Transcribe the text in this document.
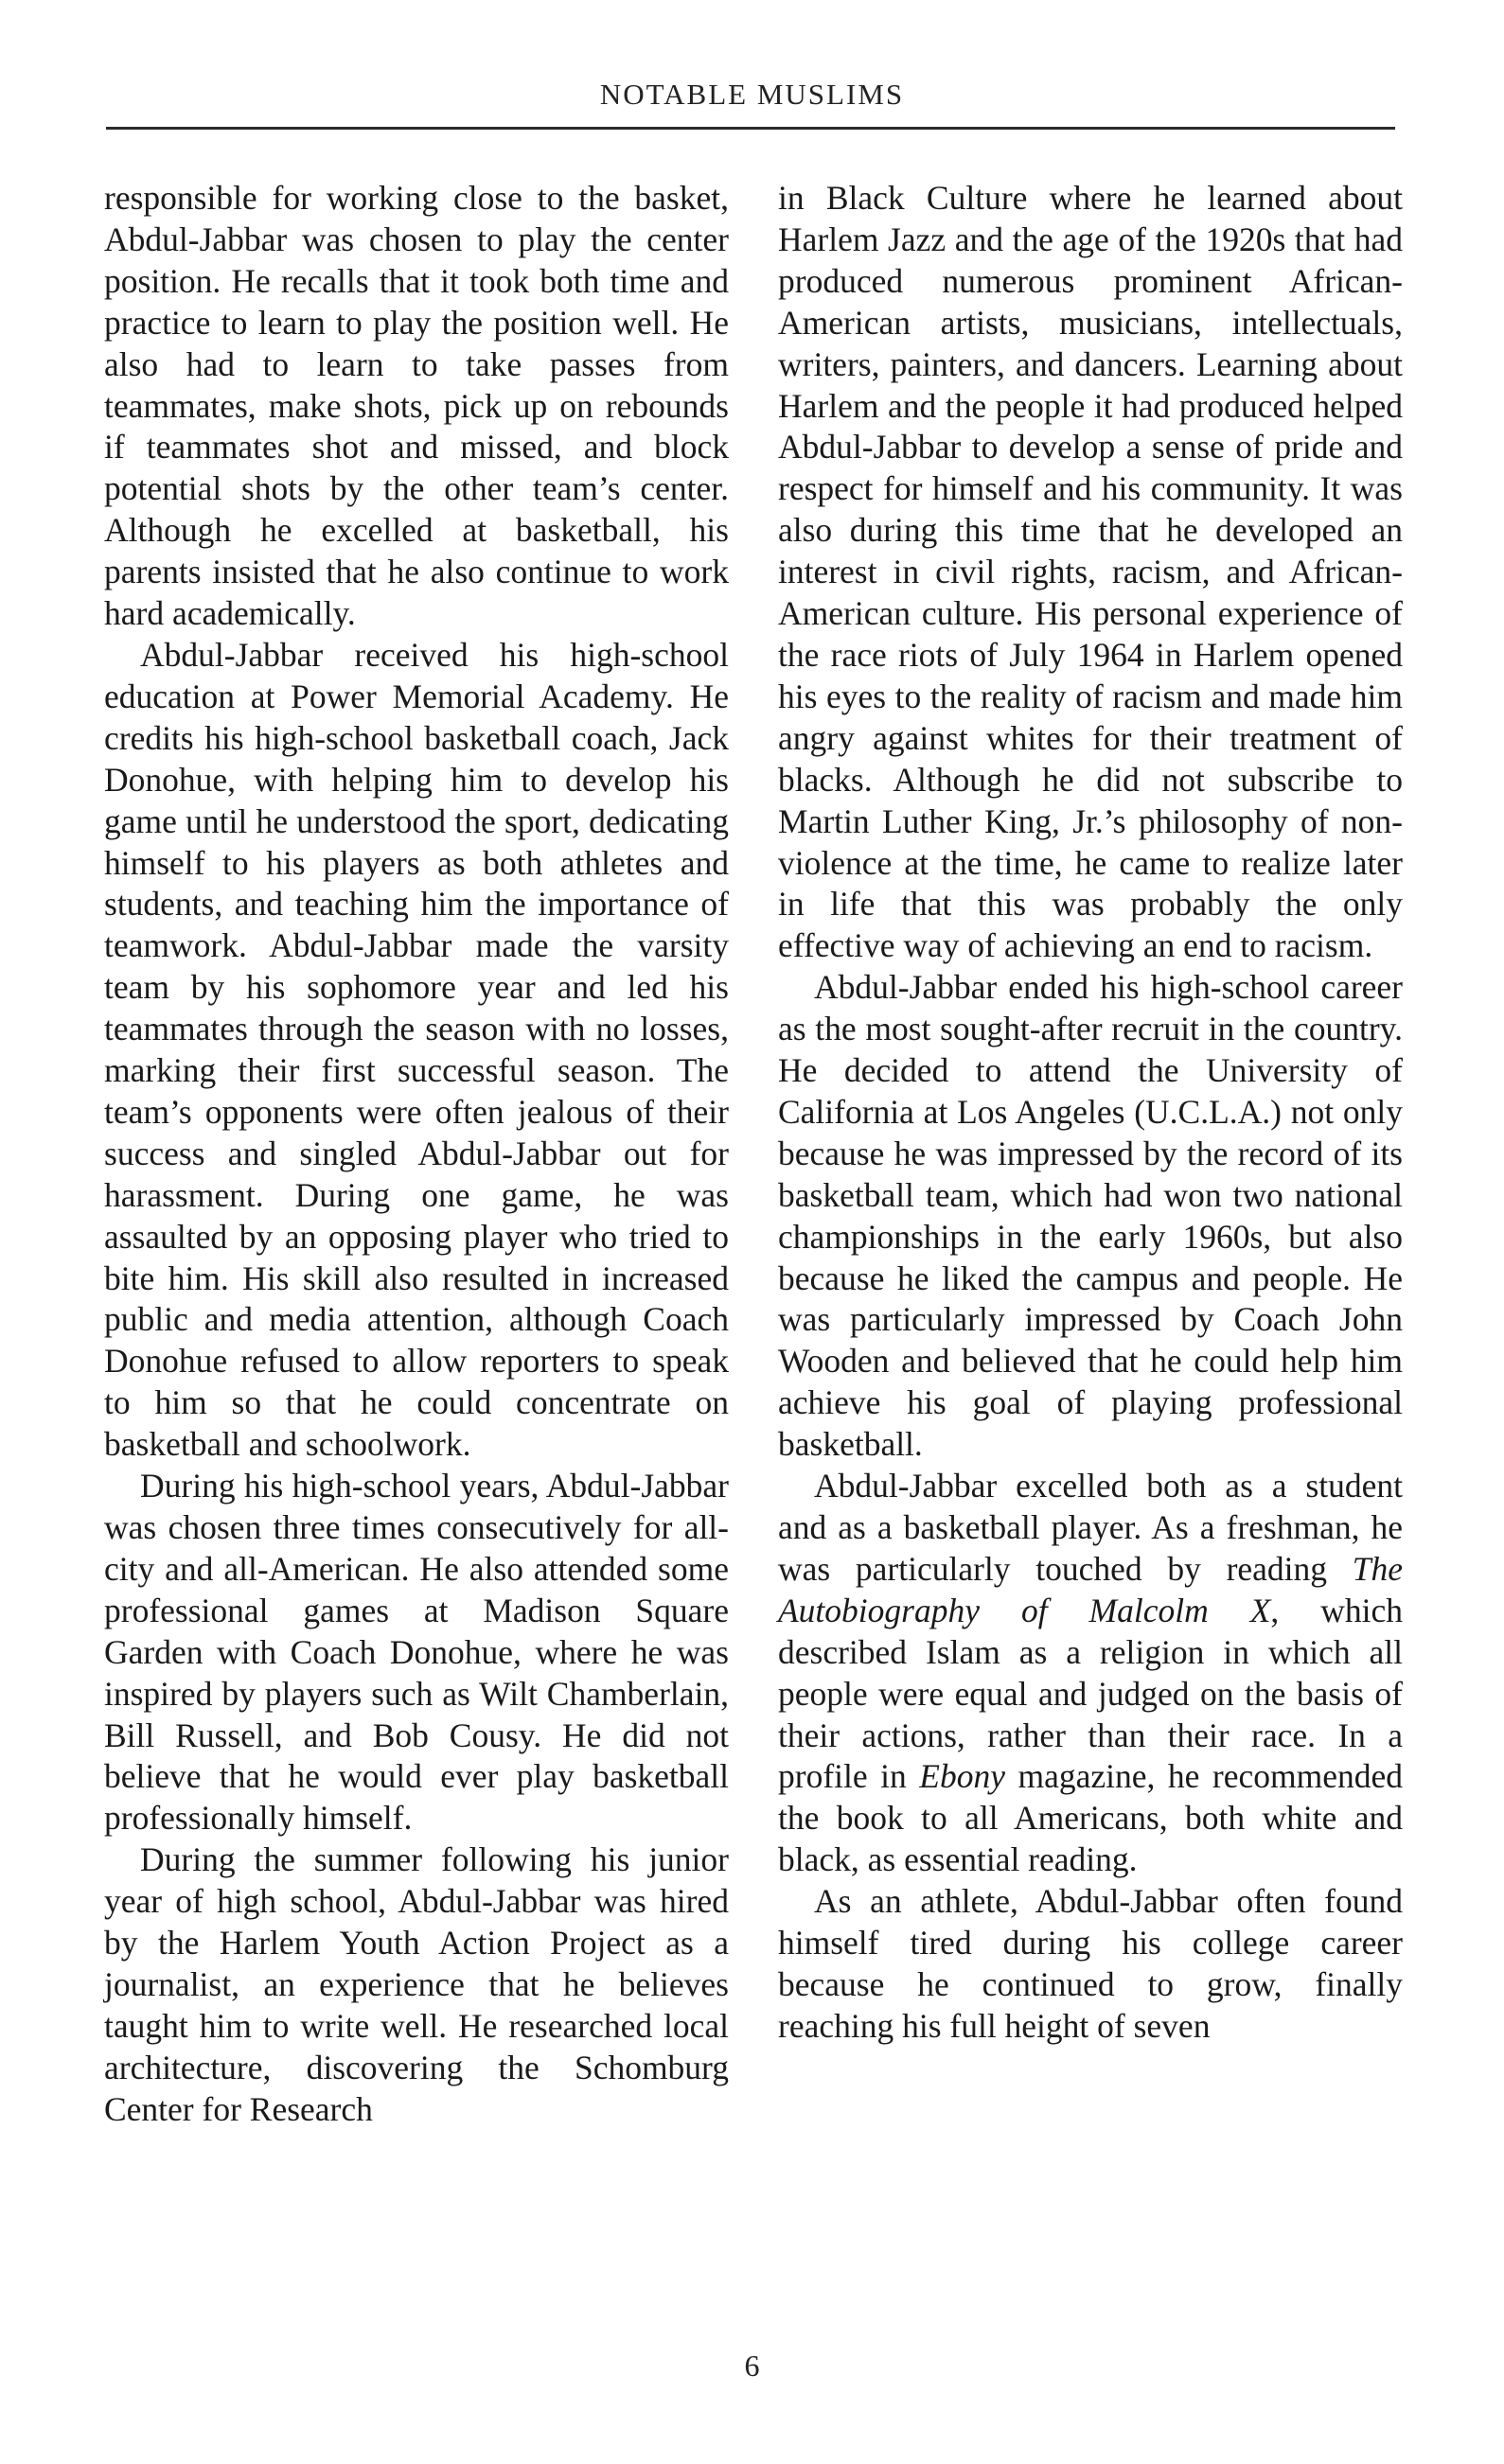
NOTABLE MUSLIMS

responsible for working close to the basket, Abdul-Jabbar was chosen to play the center position. He recalls that it took both time and practice to learn to play the position well. He also had to learn to take passes from teammates, make shots, pick up on rebounds if teammates shot and missed, and block potential shots by the other team’s center. Although he excelled at basketball, his parents insisted that he also continue to work hard academically.

Abdul-Jabbar received his high-school education at Power Memorial Academy. He credits his high-school basketball coach, Jack Donohue, with helping him to develop his game until he understood the sport, dedicating himself to his players as both athletes and students, and teaching him the importance of teamwork. Abdul-Jabbar made the varsity team by his sophomore year and led his teammates through the season with no losses, marking their first successful season. The team’s opponents were often jealous of their success and singled Abdul-Jabbar out for harassment. During one game, he was assaulted by an opposing player who tried to bite him. His skill also resulted in increased public and media attention, although Coach Donohue refused to allow reporters to speak to him so that he could concentrate on basketball and schoolwork.

During his high-school years, Abdul-Jabbar was chosen three times consecutively for all-city and all-American. He also attended some professional games at Madison Square Garden with Coach Donohue, where he was inspired by players such as Wilt Chamberlain, Bill Russell, and Bob Cousy. He did not believe that he would ever play basketball professionally himself.

During the summer following his junior year of high school, Abdul-Jabbar was hired by the Harlem Youth Action Project as a journalist, an experience that he believes taught him to write well. He researched local architecture, discovering the Schomburg Center for Research

in Black Culture where he learned about Harlem Jazz and the age of the 1920s that had produced numerous prominent African-American artists, musicians, intellectuals, writers, painters, and dancers. Learning about Harlem and the people it had produced helped Abdul-Jabbar to develop a sense of pride and respect for himself and his community. It was also during this time that he developed an interest in civil rights, racism, and African-American culture. His personal experience of the race riots of July 1964 in Harlem opened his eyes to the reality of racism and made him angry against whites for their treatment of blacks. Although he did not subscribe to Martin Luther King, Jr.’s philosophy of non-violence at the time, he came to realize later in life that this was probably the only effective way of achieving an end to racism.

Abdul-Jabbar ended his high-school career as the most sought-after recruit in the country. He decided to attend the University of California at Los Angeles (U.C.L.A.) not only because he was impressed by the record of its basketball team, which had won two national championships in the early 1960s, but also because he liked the campus and people. He was particularly impressed by Coach John Wooden and believed that he could help him achieve his goal of playing professional basketball.

Abdul-Jabbar excelled both as a student and as a basketball player. As a freshman, he was particularly touched by reading The Autobiography of Malcolm X, which described Islam as a religion in which all people were equal and judged on the basis of their actions, rather than their race. In a profile in Ebony magazine, he recommended the book to all Americans, both white and black, as essential reading.

As an athlete, Abdul-Jabbar often found himself tired during his college career because he continued to grow, finally reaching his full height of seven

6
